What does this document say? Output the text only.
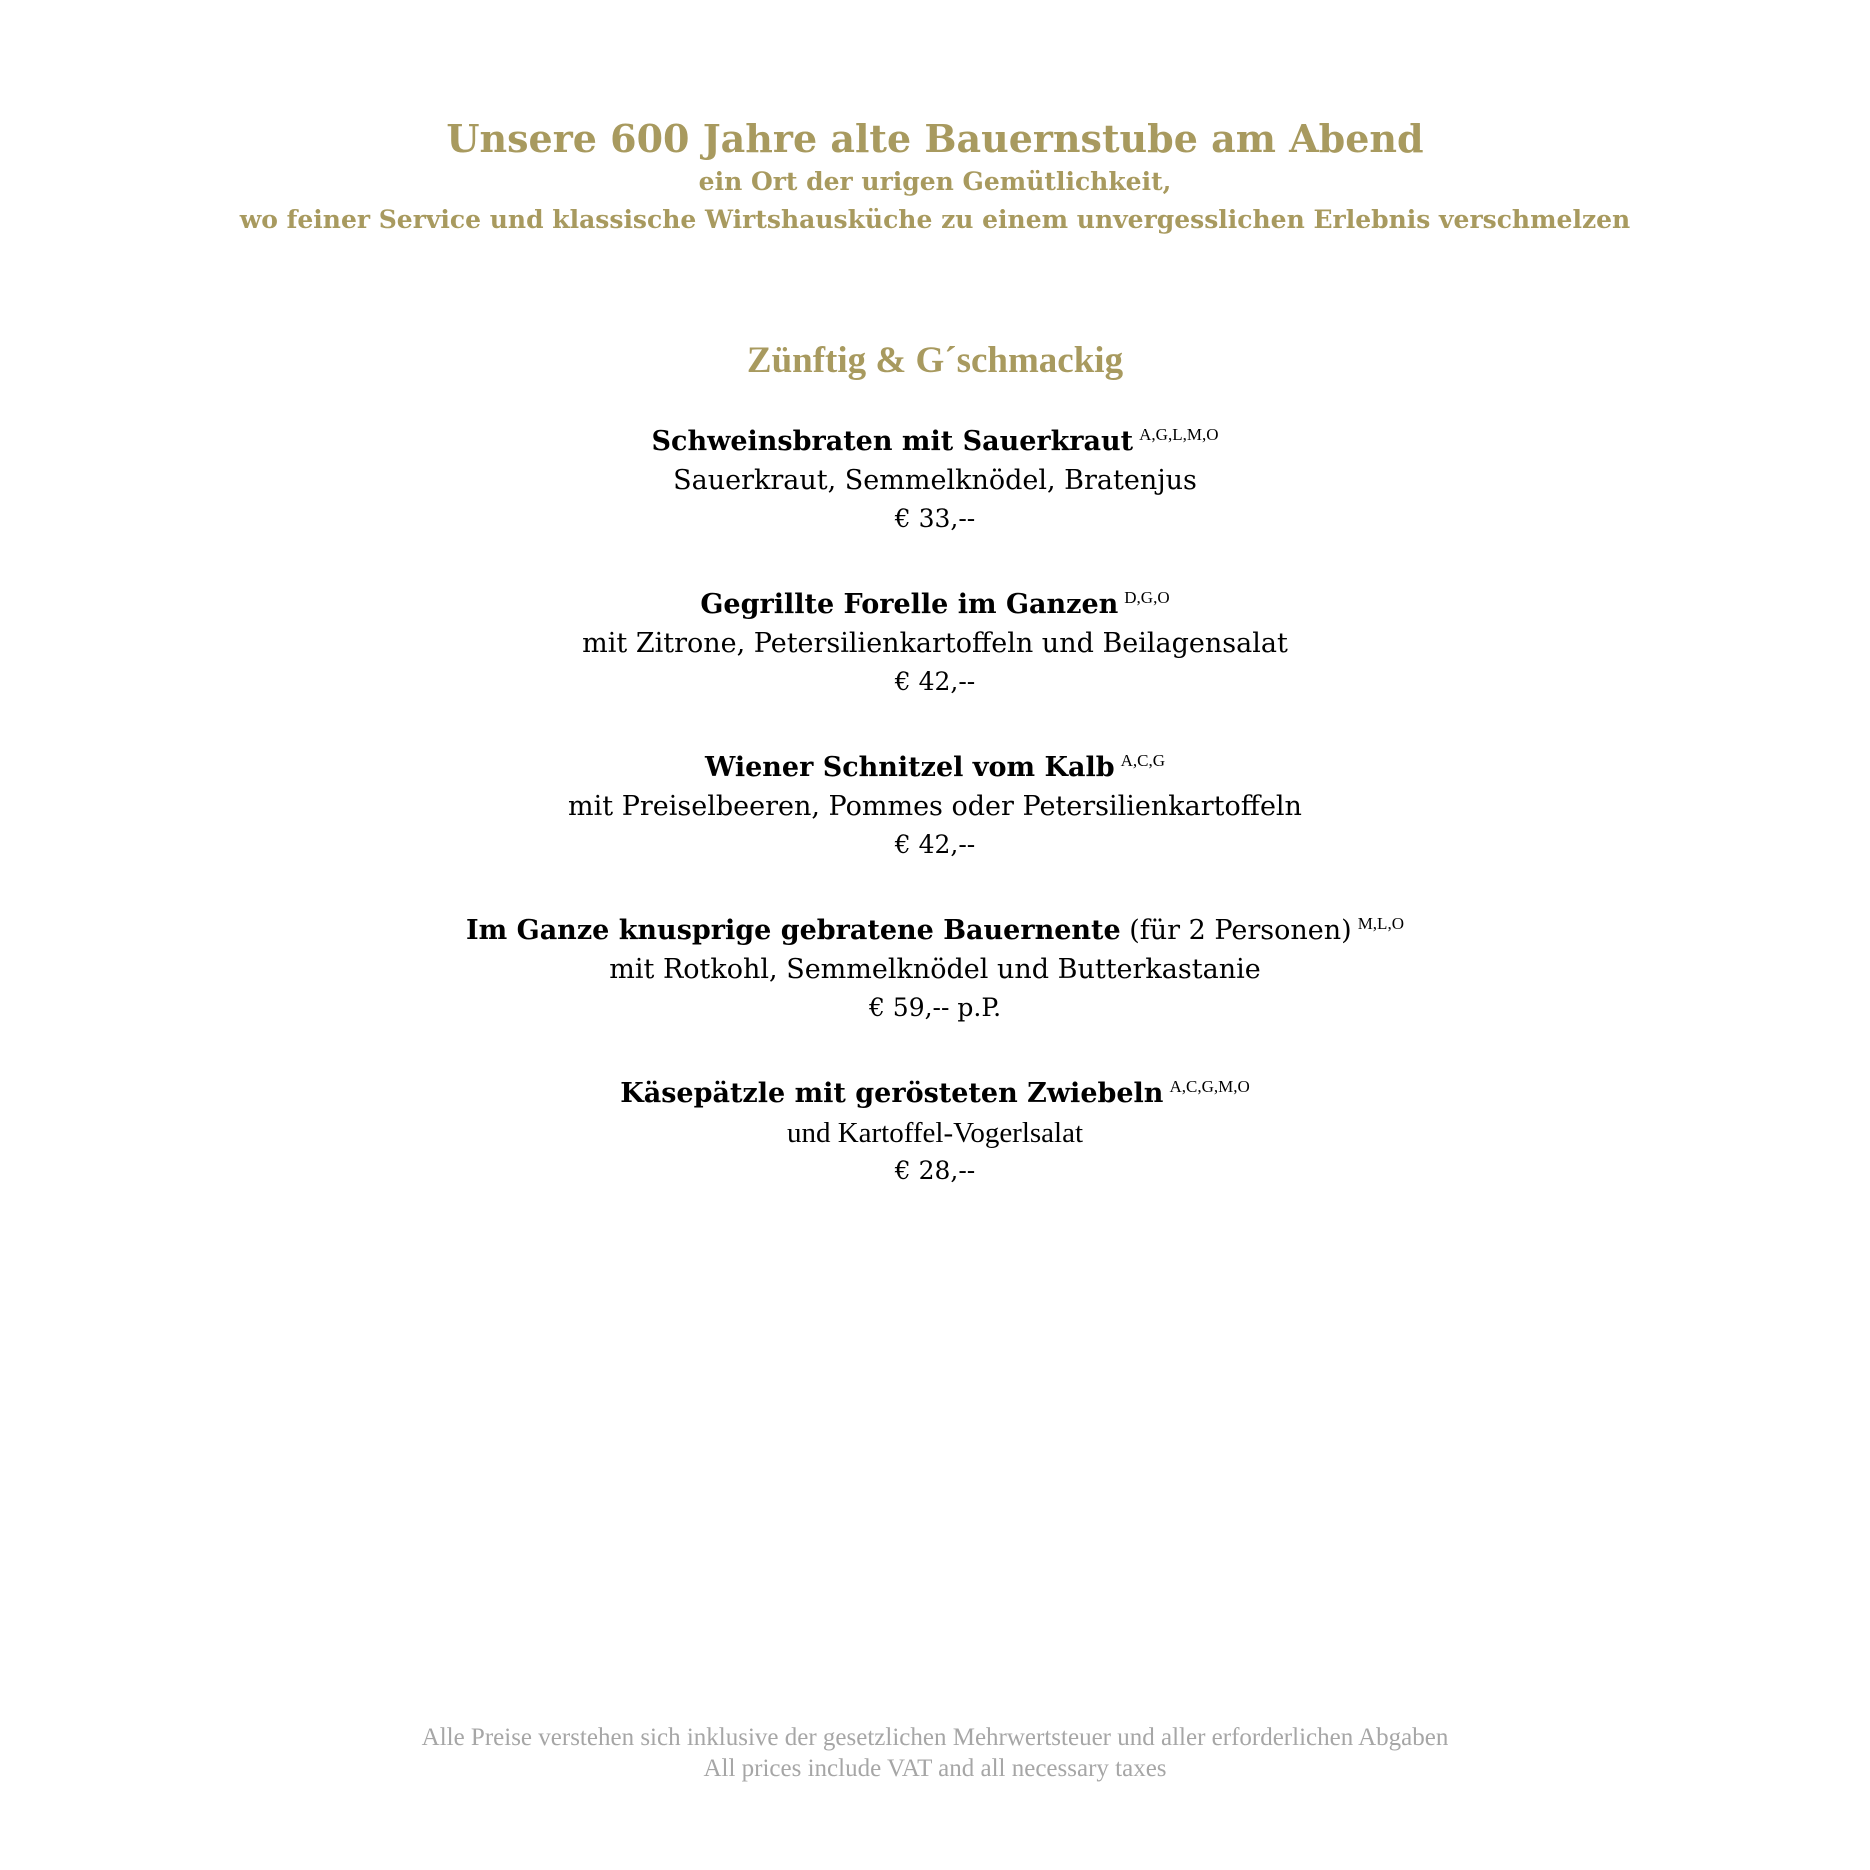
Unsere 600 Jahre alte Bauernstube am Abend
ein Ort der urigen Gemütlichkeit,
wo feiner Service und klassische Wirtshausküche zu einem unvergesslichen Erlebnis verschmelzen
Zünftig & G´schmackig
Schweinsbraten mit Sauerkraut $^{A,G,L,M,O}$
Sauerkraut, Semmelknödel, Bratenjus
€ 33,--
Gegrillte Forelle im Ganzen $^{D,G,O}$
mit Zitrone, Petersilienkartoffeln und Beilagensalat
€ 42,--
Wiener Schnitzel vom Kalb $^{A,C,G}$
mit Preiselbeeren, Pommes oder Petersilienkartoffeln
€ 42,--
Im Ganze knusprige gebratene Bauernente (für 2 Personen) $^{M,L,O}$
mit Rotkohl, Semmelknödel und Butterkastanie
€ 59,-- p.P.
Käsepätzle mit gerösteten Zwiebeln $^{A,C,G,M,O}$
und Kartoffel-Vogerlsalat
€ 28,--
Alle Preise verstehen sich inklusive der gesetzlichen Mehrwertsteuer und aller erforderlichen Abgaben
All prices include VAT and all necessary taxes
